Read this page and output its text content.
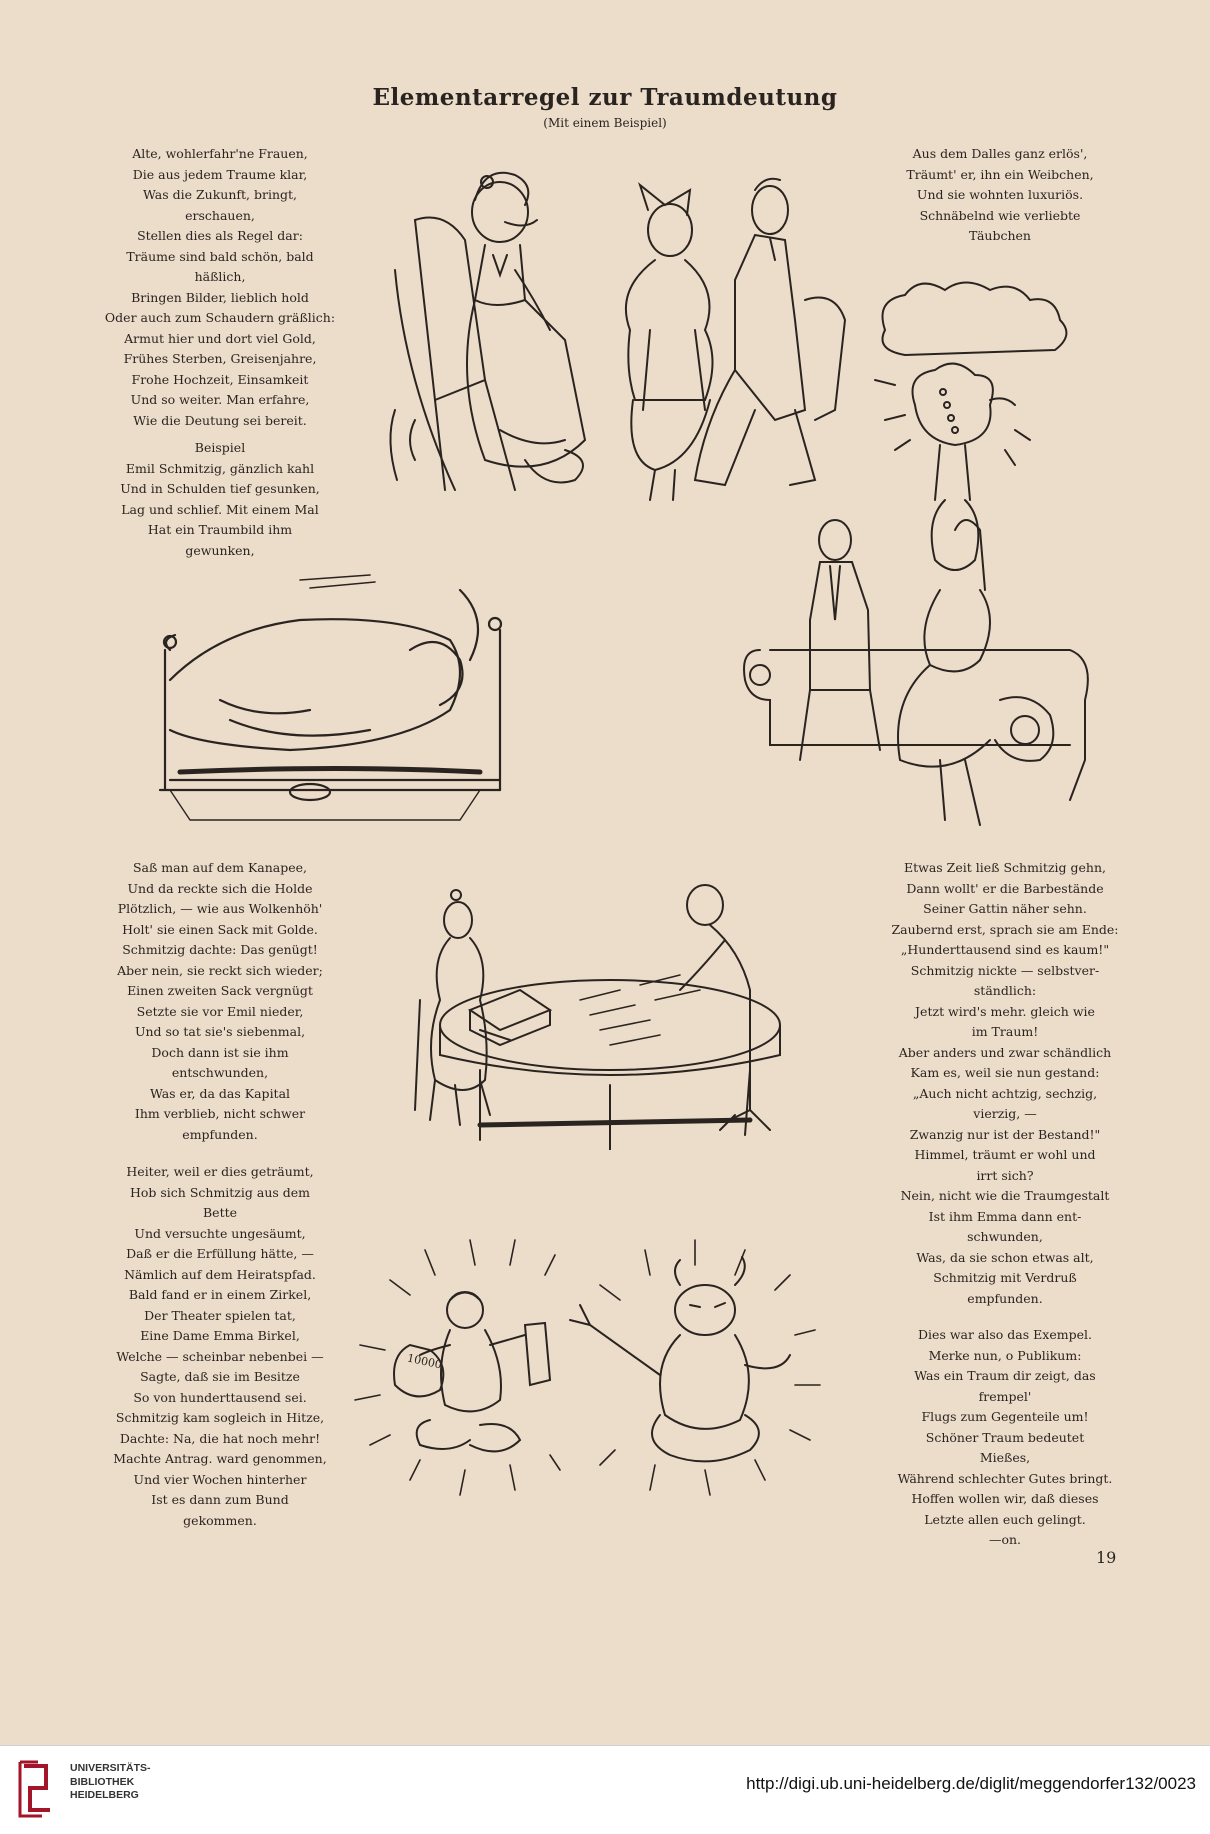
Elementarregel zur Traumdeutung
(Mit einem Beispiel)
Alte, wohlerfahr'ne Frauen,
Die aus jedem Traume klar,
Was die Zukunft, bringt,
erschauen,
Stellen dies als Regel dar:
Träume sind bald schön, bald
häßlich,
Bringen Bilder, lieblich hold
Oder auch zum Schaudern gräßlich:
Armut hier und dort viel Gold,
Frühes Sterben, Greisenjahre,
Frohe Hochzeit, Einsamkeit
Und so weiter. Man erfahre,
Wie die Deutung sei bereit.
Beispiel
Emil Schmitzig, gänzlich kahl
Und in Schulden tief gesunken,
Lag und schlief. Mit einem Mal
Hat ein Traumbild ihm
gewunken,
Aus dem Dalles ganz erlös',
Träumt' er, ihn ein Weibchen,
Und sie wohnten luxuriös.
Schnäbelnd wie verliebte
Täubchen
Saß man auf dem Kanapee,
Und da reckte sich die Holde
Plötzlich, — wie aus Wolkenhöh'
Holt' sie einen Sack mit Golde.
Schmitzig dachte: Das genügt!
Aber nein, sie reckt sich wieder;
Einen zweiten Sack vergnügt
Setzte sie vor Emil nieder,
Und so tat sie's siebenmal,
Doch dann ist sie ihm
entschwunden,
Was er, da das Kapital
Ihm verblieb, nicht schwer
empfunden.
Etwas Zeit ließ Schmitzig gehn,
Dann wollt' er die Barbestände
Seiner Gattin näher sehn.
Zaubernd erst, sprach sie am Ende:
„Hunderttausend sind es kaum!"
Schmitzig nickte — selbstver-
ständlich:
Jetzt wird's mehr. gleich wie
im Traum!
Aber anders und zwar schändlich
Kam es, weil sie nun gestand:
„Auch nicht achtzig, sechzig,
vierzig, —
Zwanzig nur ist der Bestand!"
Himmel, träumt er wohl und
irrt sich?
Nein, nicht wie die Traumgestalt
Ist ihm Emma dann ent-
schwunden,
Was, da sie schon etwas alt,
Schmitzig mit Verdruß
empfunden.
Heiter, weil er dies geträumt,
Hob sich Schmitzig aus dem
Bette
Und versuchte ungesäumt,
Daß er die Erfüllung hätte, —
Nämlich auf dem Heiratspfad.
Bald fand er in einem Zirkel,
Der Theater spielen tat,
Eine Dame Emma Birkel,
Welche — scheinbar nebenbei —
Sagte, daß sie im Besitze
So von hunderttausend sei.
Schmitzig kam sogleich in Hitze,
Dachte: Na, die hat noch mehr!
Machte Antrag. ward genommen,
Und vier Wochen hinterher
Ist es dann zum Bund
gekommen.
Dies war also das Exempel.
Merke nun, o Publikum:
Was ein Traum dir zeigt, das
frempel'
Flugs zum Gegenteile um!
Schöner Traum bedeutet
Mießes,
Während schlechter Gutes bringt.
Hoffen wollen wir, daß dieses
Letzte allen euch gelingt.
—on.
10000
19
UNIVERSITÄTS-
BIBLIOTHEK
HEIDELBERG
http://digi.ub.uni-heidelberg.de/diglit/meggendorfer132/0023
